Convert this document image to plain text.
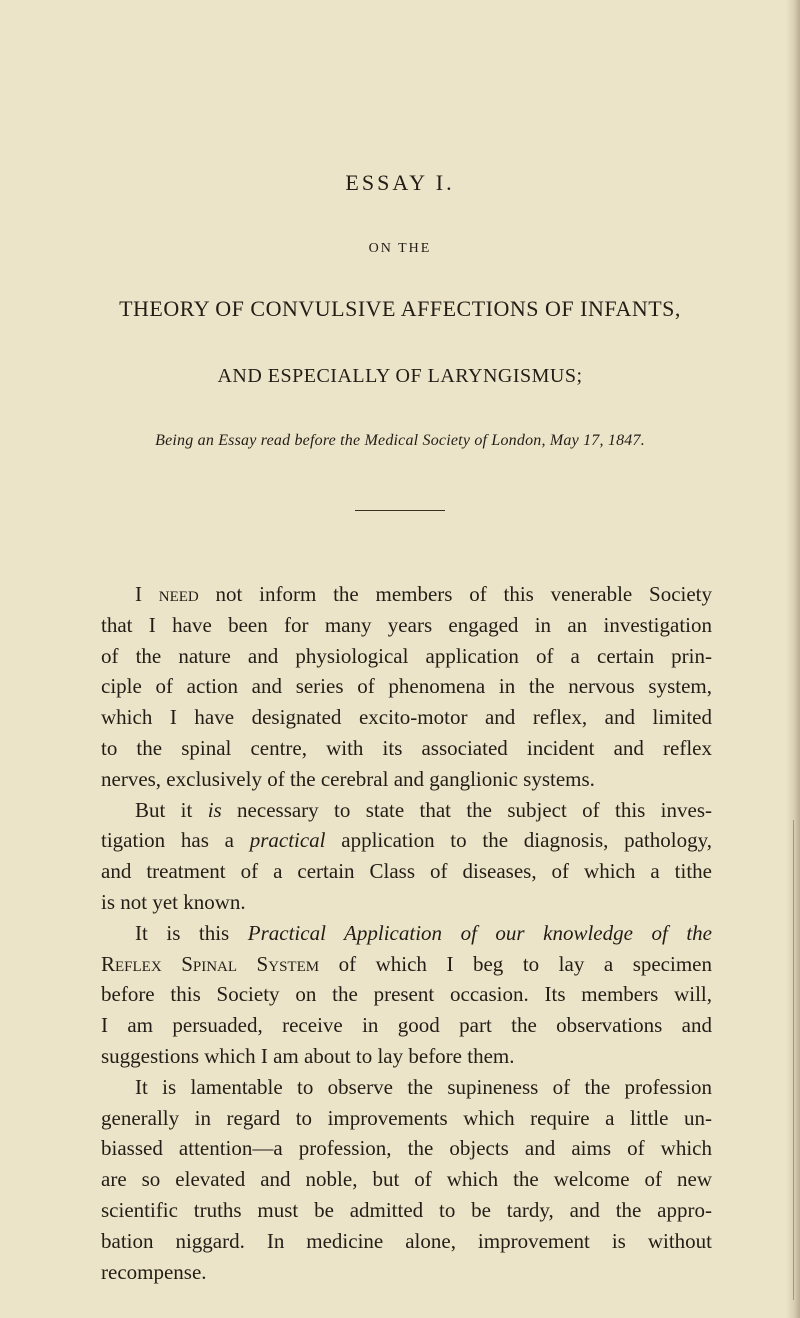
ESSAY I.
ON THE
THEORY OF CONVULSIVE AFFECTIONS OF INFANTS,
AND ESPECIALLY OF LARYNGISMUS;
Being an Essay read before the Medical Society of London, May 17, 1847.

I need not inform the members of this venerable Society
that I have been for many years engaged in an investigation
of the nature and physiological application of a certain prin-
ciple of action and series of phenomena in the nervous system,
which I have designated excito-motor and reflex, and limited
to the spinal centre, with its associated incident and reflex
nerves, exclusively of the cerebral and ganglionic systems.

But it is necessary to state that the subject of this inves-
tigation has a practical application to the diagnosis, pathology,
and treatment of a certain Class of diseases, of which a tithe
is not yet known.

It is this Practical Application of our knowledge of the
Reflex Spinal System of which I beg to lay a specimen
before this Society on the present occasion. Its members will,
I am persuaded, receive in good part the observations and
suggestions which I am about to lay before them.

It is lamentable to observe the supineness of the profession
generally in regard to improvements which require a little un-
biassed attention—a profession, the objects and aims of which
are so elevated and noble, but of which the welcome of new
scientific truths must be admitted to be tardy, and the appro-
bation niggard. In medicine alone, improvement is without
recompense.
